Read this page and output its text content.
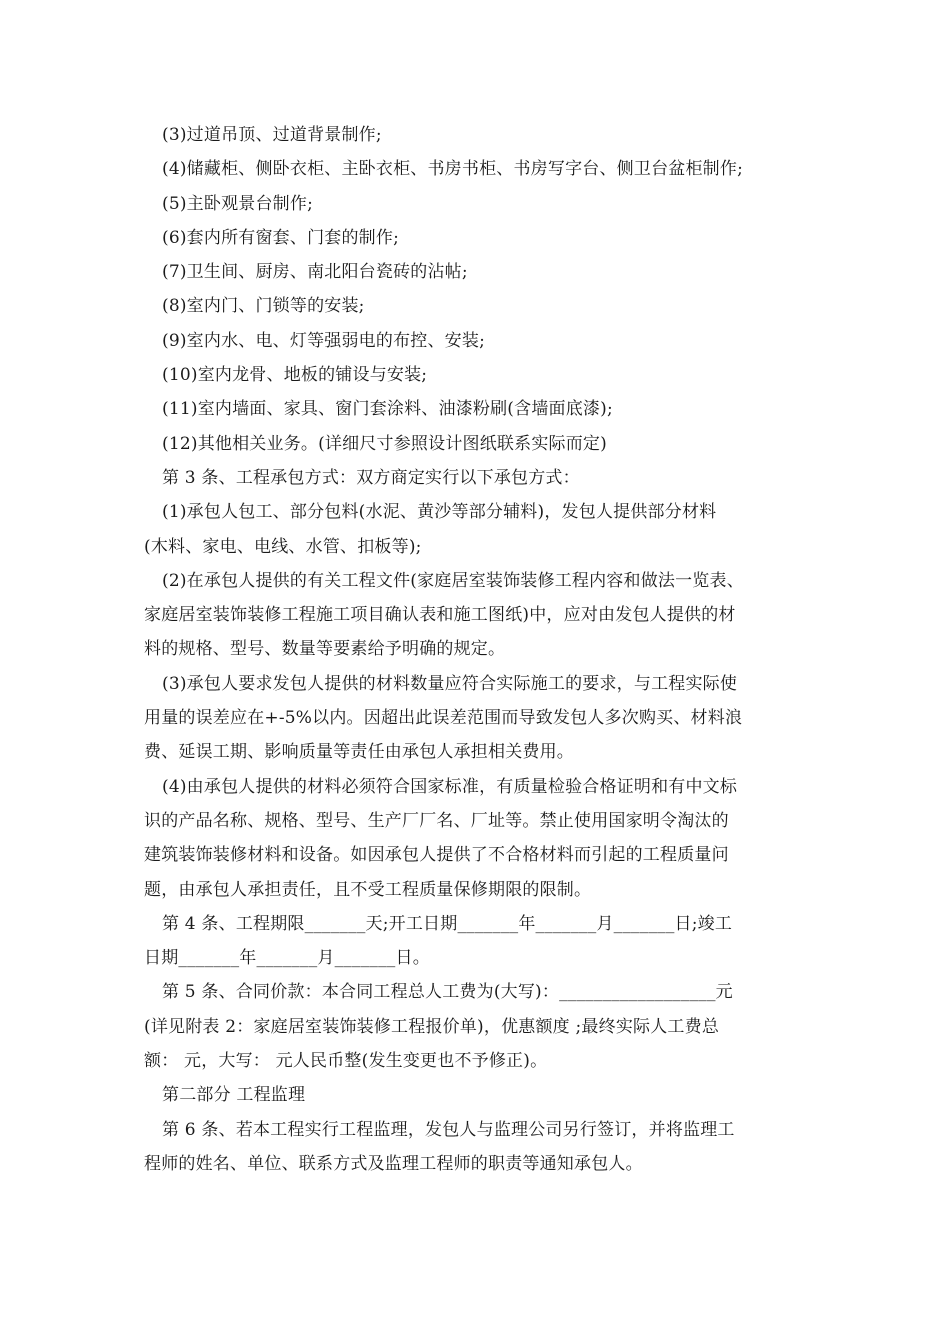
(3)过道吊顶、过道背景制作;
(4)储藏柜、侧卧衣柜、主卧衣柜、书房书柜、书房写字台、侧卫台盆柜制作;
(5)主卧观景台制作;
(6)套内所有窗套、门套的制作;
(7)卫生间、厨房、南北阳台瓷砖的沾帖;
(8)室内门、门锁等的安装;
(9)室内水、电、灯等强弱电的布控、安装;
(10)室内龙骨、地板的铺设与安装;
(11)室内墙面、家具、窗门套涂料、油漆粉刷(含墙面底漆);
(12)其他相关业务。(详细尺寸参照设计图纸联系实际而定)
第 3 条、工程承包方式：双方商定实行以下承包方式：
(1)承包人包工、部分包料(水泥、黄沙等部分辅料)，发包人提供部分材料
(木料、家电、电线、水管、扣板等);
(2)在承包人提供的有关工程文件(家庭居室装饰装修工程内容和做法一览表、
家庭居室装饰装修工程施工项目确认表和施工图纸)中，应对由发包人提供的材
料的规格、型号、数量等要素给予明确的规定。
(3)承包人要求发包人提供的材料数量应符合实际施工的要求，与工程实际使
用量的误差应在+-5%以内。因超出此误差范围而导致发包人多次购买、材料浪
费、延误工期、影响质量等责任由承包人承担相关费用。
(4)由承包人提供的材料必须符合国家标准，有质量检验合格证明和有中文标
识的产品名称、规格、型号、生产厂厂名、厂址等。禁止使用国家明令淘汰的
建筑装饰装修材料和设备。如因承包人提供了不合格材料而引起的工程质量问
题，由承包人承担责任，且不受工程质量保修期限的限制。
第 4 条、工程期限_______天;开工日期_______年_______月_______日;竣工
日期_______年_______月_______日。
第 5 条、合同价款：本合同工程总人工费为(大写)：__________________元
(详见附表 2：家庭居室装饰装修工程报价单)，优惠额度 ;最终实际人工费总
额： 元，大写： 元人民币整(发生变更也不予修正)。
第二部分 工程监理
第 6 条、若本工程实行工程监理，发包人与监理公司另行签订，并将监理工
程师的姓名、单位、联系方式及监理工程师的职责等通知承包人。
